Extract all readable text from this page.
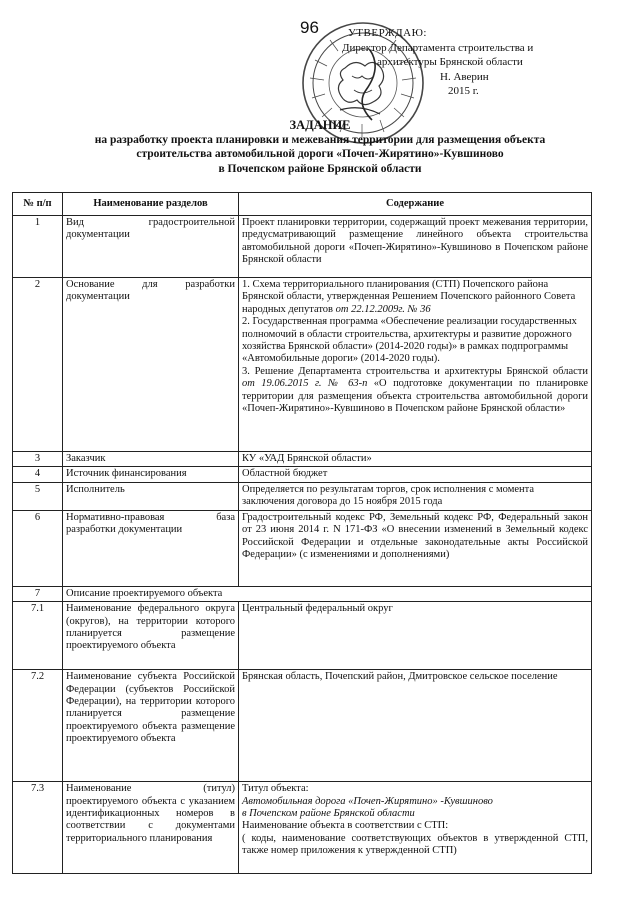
96	УТВЕРЖДАЮ:
Директор Департамента строительства и
архитектуры Брянской области
Н. Аверин
2015 г.
ЗАДАНИЕ
на разработку проекта планировки и межевания территории для размещения объекта
строительства автомобильной дороги «Почеп-Жирятино»-Кувшиново
в Почепском районе Брянской области
№ п/п	Наименование разделов	Содержание
1	Вид градостроительной документации	Проект планировки территории, содержащий проект межевания территории, предусматривающий размещение линейного объекта строительства автомобильной дороги «Почеп-Жирятино»-Кувшиново в Почепском районе Брянской области
2	Основание для разработки документации	1. Схема территориального планирования (СТП) Почепского района Брянской области, утвержденная Решением Почепского районного Совета народных депутатов от 22.12.2009г. № 36
2. Государственная программа «Обеспечение реализации государственных полномочий в области строительства, архитектуры и развитие дорожного хозяйства Брянской области» (2014-2020 годы)» в рамках подпрограммы «Автомобильные дороги» (2014-2020 годы).
3. Решение Департамента строительства и архитектуры Брянской области от 19.06.2015 г. № 63-п «О подготовке документации по планировке территории для размещения объекта строительства автомобильной дороги «Почеп-Жирятино»-Кувшиново в Почепском районе Брянской области»

3	Заказчик	КУ «УАД Брянской области»
4	Источник финансирования	Областной бюджет
5	Исполнитель	Определяется по результатам торгов, срок исполнения с момента заключения договора до 15 ноября 2015 года
6	Нормативно-правовая база разработки документации	Градостроительный кодекс РФ, Земельный кодекс РФ, Федеральный закон от 23 июня 2014 г. N 171-ФЗ «О внесении изменений в Земельный кодекс Российской Федерации и отдельные законодательные акты Российской Федерации» (с изменениями и дополнениями)
7	Описание проектируемого объекта	
7.1	Наименование федерального округа (округов), на территории которого планируется размещение проектируемого объекта	Центральный федеральный округ
7.2	Наименование субъекта Российской Федерации (субъектов Российской Федерации), на территории которого планируется размещение проектируемого объекта размещение проектируемого объекта	Брянская область, Почепский район, Дмитровское сельское поселение
7.3	Наименование (титул) проектируемого объекта с указанием идентификационных номеров в соответствии с документами территориального планирования	Титул объекта:
Автомобильная дорога «Почеп-Жирятино» -Кувшиново
в Почепском районе Брянской области
Наименование объекта в соответствии с СТП:
( коды, наименование соответствующих объектов в утвержденной СТП, также номер приложения к утвержденной СТП)
